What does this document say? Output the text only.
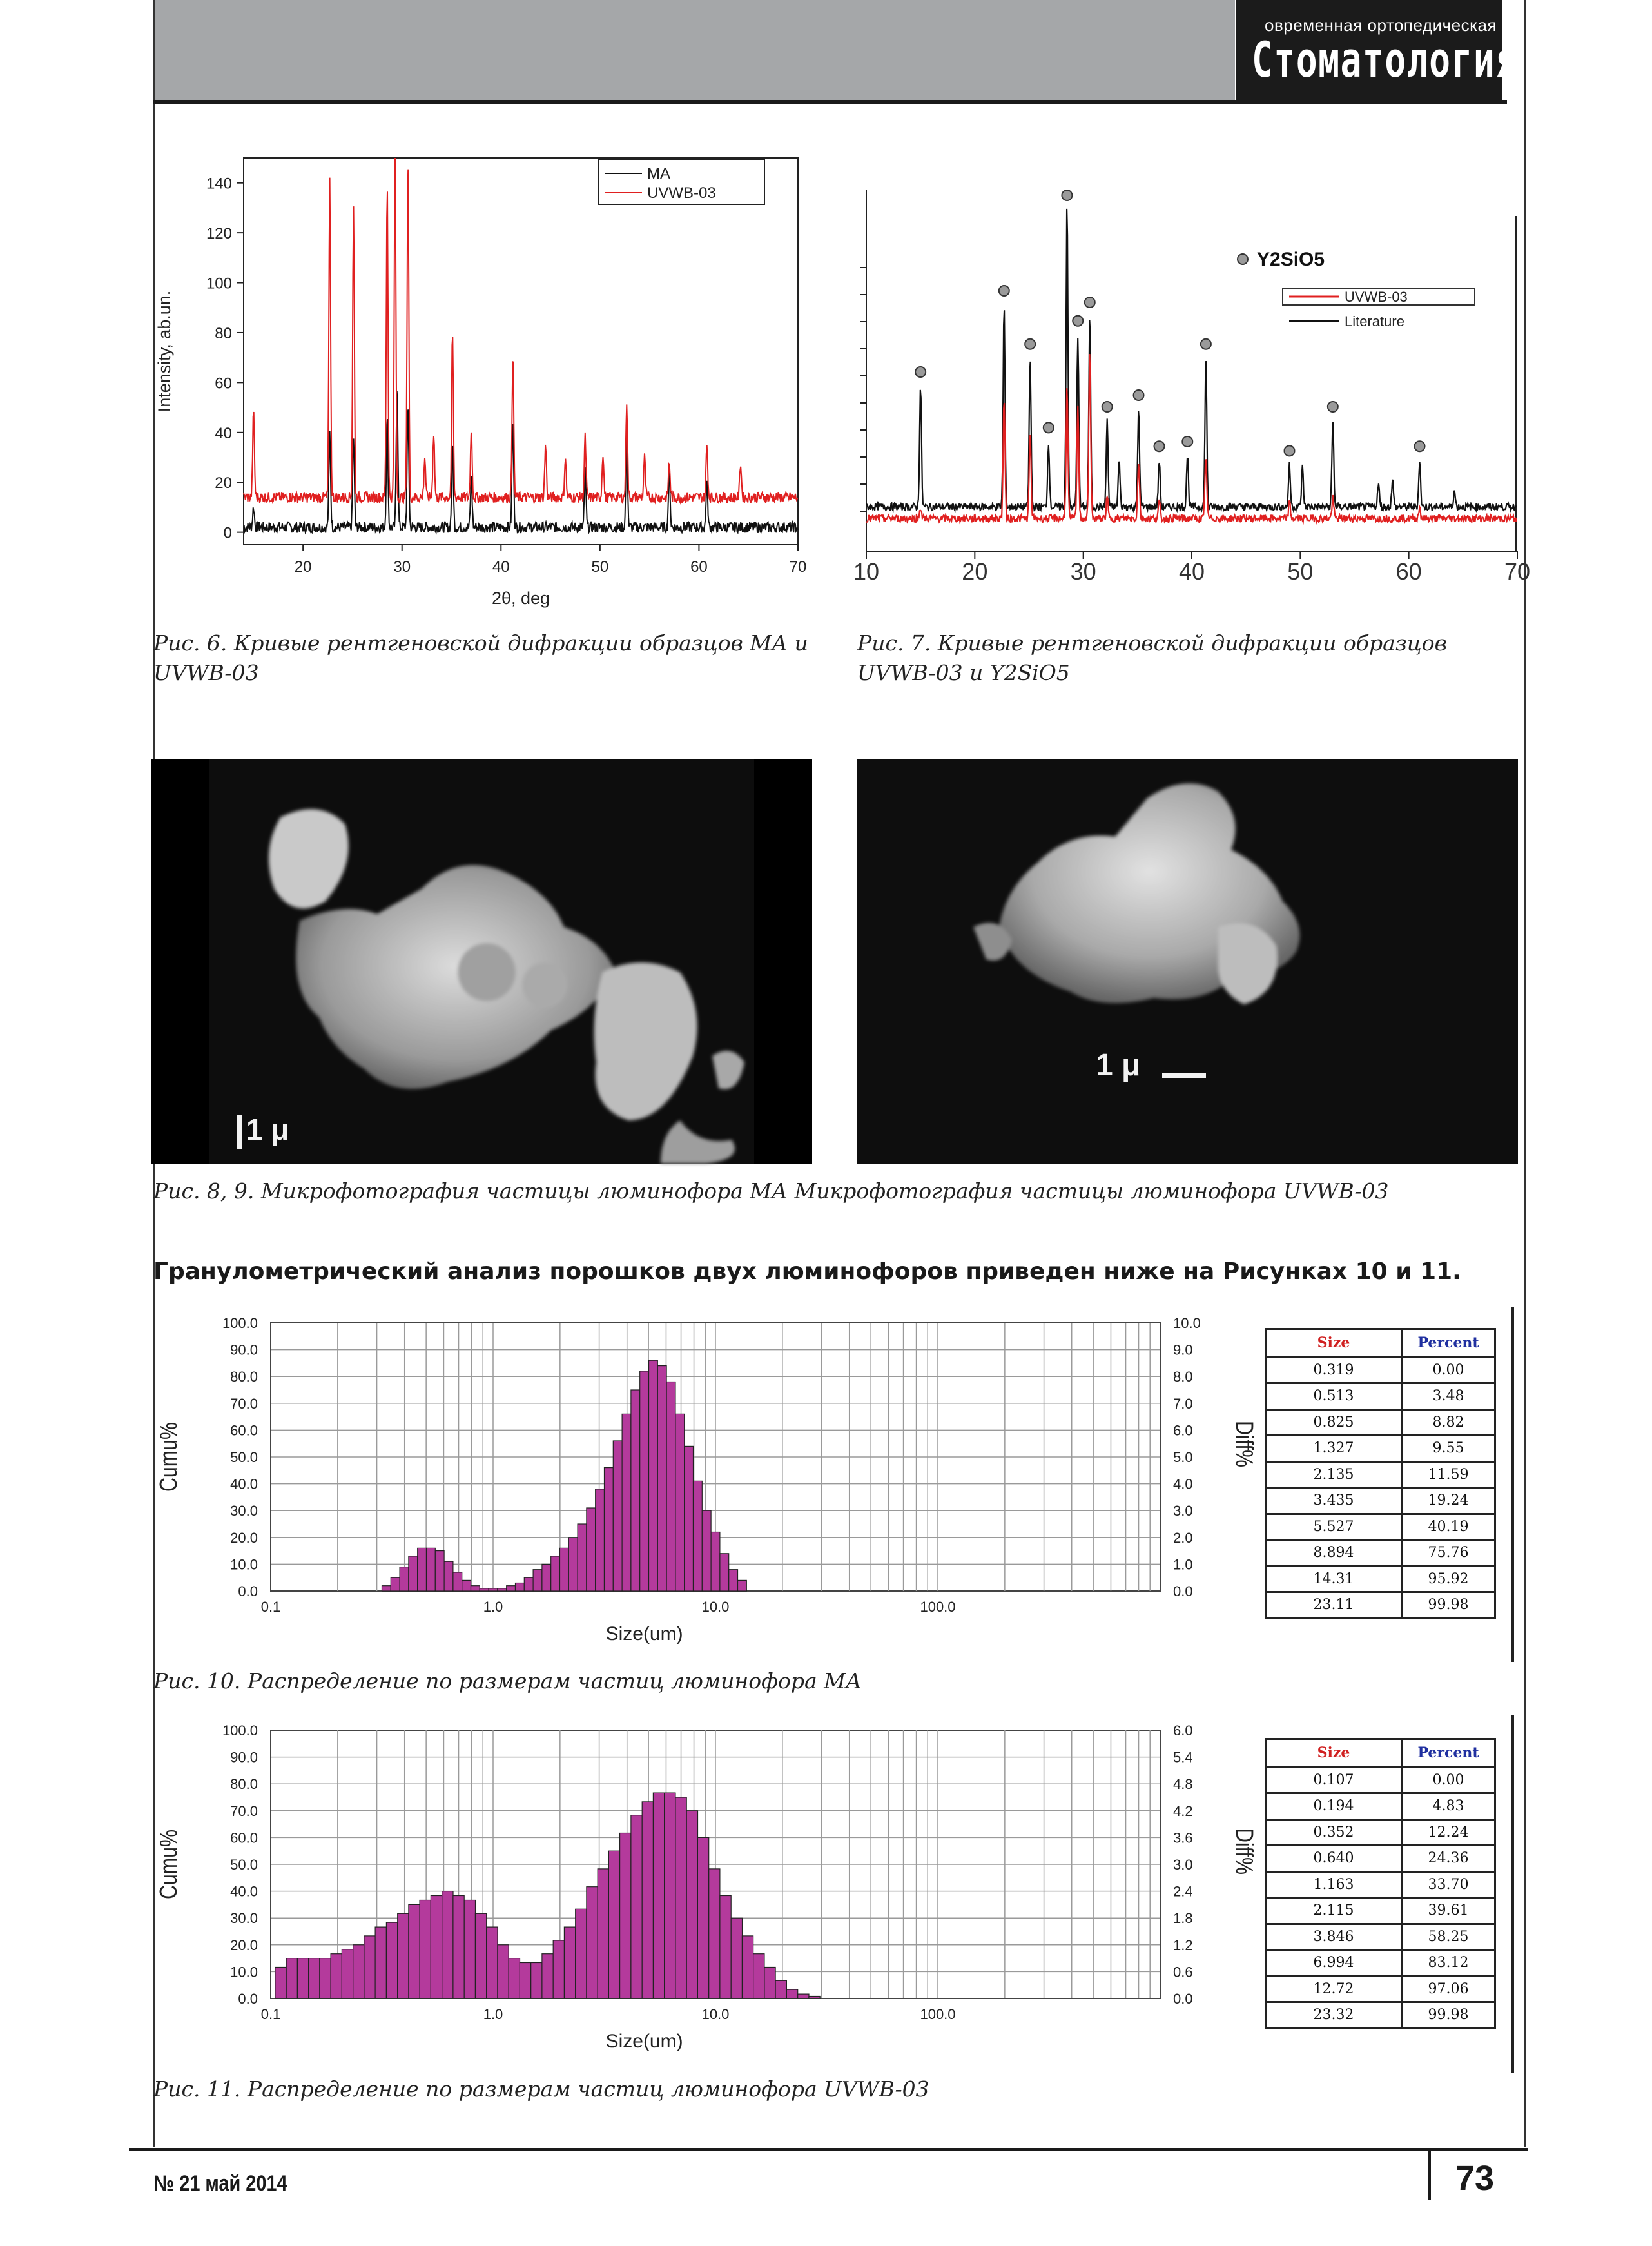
овременная ортопедическая
Стоматология
0
20
40
60
80
100
120
140
20	30	40	50	60	70
2θ, deg
Intensity, ab.un.
MA
UVWB-03
Рис. 6. Кривые рентгеновской дифракции образцов МА и UVWB-03
10	20	30	40	50	60	70
Y2SiO5
UVWB-03
Literature
Рис. 7. Кривые рентгеновской дифракции образцов UVWB-03 и Y2SiO5
1 μ
1 μ
Рис. 8, 9. Микрофотография частицы люминофора МА Микрофотография частицы люминофора UVWB-03
Гранулометрический анализ порошков двух люминофоров приведен ниже на Рисунках 10 и 11.
0.0
10.0
20.0
30.0
40.0
50.0
60.0
70.0
80.0
90.0
100.0
0.0
1.0
2.0
3.0
4.0
5.0
6.0
7.0
8.0
9.0
10.0
0.1	1.0	10.0	100.0
Size(um)
Cumu%	Diff%
Рис. 10. Распределение по размерам частиц люминофора МА
0.0
10.0
20.0
30.0
40.0
50.0
60.0
70.0
80.0
90.0
100.0
0.0
0.6
1.2
1.8
2.4
3.0
3.6
4.2
4.8
5.4
6.0
0.1	1.0	10.0	100.0
Size(um)
Cumu%	Diff%
Рис. 11. Распределение по размерам частиц люминофора UVWB-03
Size	Percent
0.319	0.00
0.513	3.48
0.825	8.82
1.327	9.55
2.135	11.59
3.435	19.24
5.527	40.19
8.894	75.76
14.31	95.92
23.11	99.98
Size	Percent
0.107	0.00
0.194	4.83
0.352	12.24
0.640	24.36
1.163	33.70
2.115	39.61
3.846	58.25
6.994	83.12
12.72	97.06
23.32	99.98
№ 21 май 2014	73
